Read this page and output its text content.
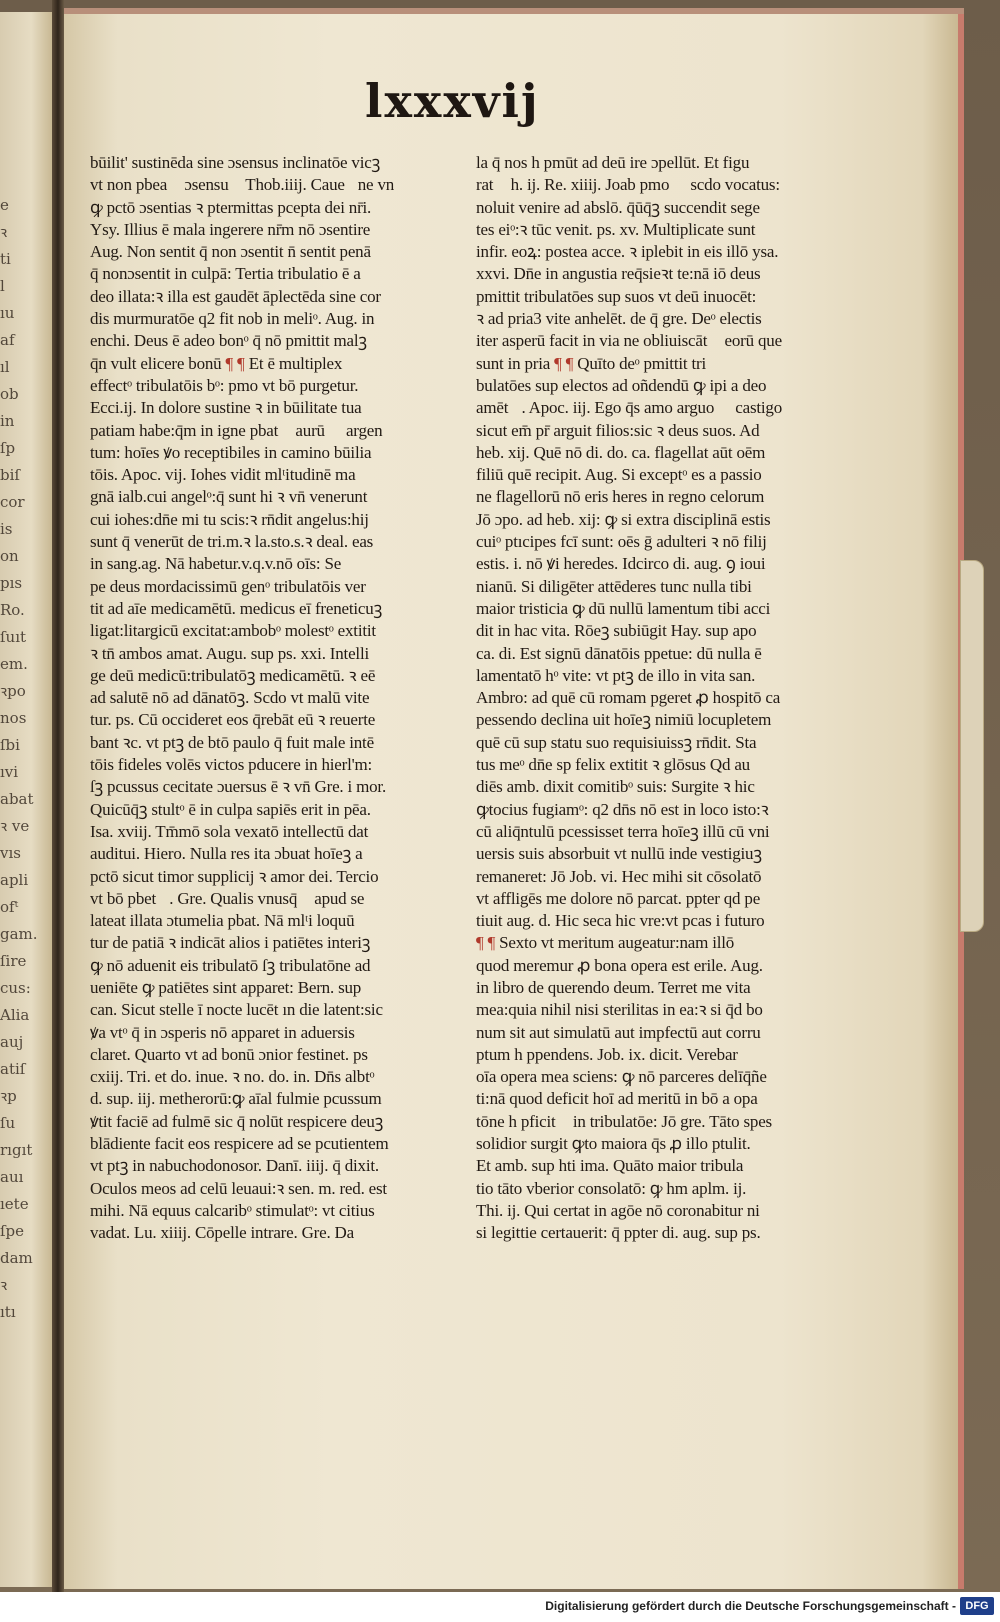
e
ꝛ
ti
l
ıu
af
ıl
ob
in
ſp
biſ
cor
is
on
pıs
Ro.
ſuıt
em.
ꝛpo
nos
ſbi
ıvi
abat
ꝛ ve
vıs
apli
ofᵗ
gam.
ſire
cus:
Alia
auj
atiſ
ꝛp
ſu
rıgıt
auı
ıete
ſpe
dam
ꝛ
ıtı
lxxxvij
būilit' sustinēda sine ɔsensus inclinatōe vicꝫ
vt non pbeaᷓ ɔsensuꝫ Thob.iiij. Caueꝭne vn
ꝙ pctō ɔsentias ꝛ ptermittas pcepta dei nr̄i.
Ysy. Illius ē mala ingerere nr̄m nō ɔsentire
Aug. Non sentit q̄ non ɔsentit n̄ sentit penā
q̄ nonɔsentit in culpā: Tertia tribulatio ē a
deo illata:ꝛ illa est gaudēt āplectēda sine cor
dis murmuratōe q2 fit nob in meliᵒ. Aug. in
enchi. Deus ē adeo bonᵒ q̄ nō pmittit malꝫ
q̄n vult elicere bonū ¶ ¶ Et ē multiplex
effectᵒ tribulatōis bᵒ: pmo vt bō purgetur.
Ecci.ij. In dolore sustine ꝛ in būilitate tua
patiam habe:q̄m in igne pbatᷓ aurū ꝛ argen
tum: hoīes ꝟo receptibiles in camino būilia
tōis. Apoc. vij. Iohes vidit mlᵗitudinē ma
gnā ialb.cui angelᵒ:q̄ sunt hi ꝛ vn̄ venerunt
cui iohes:dn̄e mi tu scis:ꝛ rn̄dit angelus:hij
sunt q̄ venerūt de tri.m.ꝛ la.sto.s.ꝛ deal. eas
in sang.ag. Nā habetur.v.q.v.nō oīs: Se
pe deus mordacissimū genᵒ tribulatōis ver
tit ad aīe medicamētū. medicus eī freneticuꝫ
ligat:litargicū excitat:ambobᵒ molestᵒ extitit
ꝛ tn̄ ambos amat. Augu. sup ps. xxi. Intelli
ge deū medicū:tribulatōꝫ medicamētū. ꝛ eē
ad salutē nō ad dānatōꝫ. Scdo vt malū vite
tur. ps. Cū occideret eos q̄rebāt eū ꝛ reuerte
bant ꝛc. vt ptꝫ de btō paulo q̄ fuit male intē
tōis fideles volēs victos pducere in hierl'm:
ſꝫ pcussus cecitate ɔuersus ē ꝛ vn̄ Gre. i mor.
Quicūq̄ꝫ stultᵒ ē in culpa sapiēs erit in pēa.
Isa. xviij. Tm̄mō sola vexatō intellectū dat
auditui. Hiero. Nulla res ita ɔbuat hoīeꝫ a
pctō sicut timor supplicij ꝛ amor dei. Tercio
vt bō pbetᷓ. Gre. Qualis vnusq̄ꝫ apud se
lateat illata ɔtumelia pbat. Nā mlᵗi loquū
tur de patiā ꝛ indicāt alios i patiētes interiꝫ
ꝙ nō aduenit eis tribulatō ſꝫ tribulatōne ad
ueniēte ꝙ patiētes sint apparet: Bern. sup
can. Sicut stelle ī nocte lucēt ın die latent:sic
ꝟa vtᵒ q̄ in ɔsperis nō apparet in aduersis
claret. Quarto vt ad bonū ɔnior festinet. ps
cxiij. Tri. et do. inue. ꝛ no. do. in. Dn̄s albtᵒ
d. sup. iij. metherorū:ꝙ aīal fulmie pcussum
ꝟtit faciē ad fulmē sic q̄ nolūt respicere deuꝫ
blādiente facit eos respicere ad se pcutientem
vt ptꝫ in nabuchodonosor. Danī. iiij. q̄ dixit.
Oculos meos ad celū leuaui:ꝛ sen. m. red. est
mihi. Nā equus calcaribᵒ stimulatᵒ: vt citius
vadat. Lu. xiiij. Cōpelle intrare. Gre. Da
la q̄ nos h pmūt ad deū ire ɔpellūt. Et figu
ratᷓ h. ij. Re. xiiij. Joab pmo ꝛ scdo vocatus:
noluit venire ad abslō. q̄ūq̄ꝫ succendit sege
tes eiᵒ:ꝛ tūc venit. ps. xv. Multiplicate sunt
infir. eoꝝ: postea acce. ꝛ iplebit in eis illō ysa.
xxvi. Dn̄e in angustia req̄sieꝛt te:nā iō deus
pmittit tribulatōes sup suos vt deū inuocēt:
ꝛ ad pria3 vite anhelēt. de q̄ gre. Deᵒ electis
iter asperū facit in via ne obliuiscātᷓ eorū que
sunt in pria ¶ ¶ Quīto deᵒ pmittit tri
bulatōes sup electos ad oñdendū ꝙ ipi a deo
amētᷓ. Apoc. iij. Ego q̄s amo arguo ꝛ castigo
sicut em̄ pr̄ arguit filios:sic ꝛ deus suos. Ad
heb. xij. Quē nō di. do. ca. flagellat aūt oēm
filiū quē recipit. Aug. Si exceptᵒ es a passio
ne flagellorū nō eris heres in regno celorum
Jō ɔpo. ad heb. xij: ꝙ si extra disciplinā estis
cuiᵒ ptıcipes fcī sunt: oēs ḡ adulteri ꝛ nō filij
estis. i. nō ꝟi heredes. Idcirco di. aug. ꝯ ioui
nianū. Si diligēter attēderes tunc nulla tibi
maior tristicia ꝙ dū nullū lamentum tibi acci
dit in hac vita. Rōeꝫ subiūgit Hay. sup apo
ca. di. Est signū dānatōis ppetue: dū nulla ē
lamentatō hᵒ vite: vt ptꝫ de illo in vita san.
Ambro: ad quē cū romam pgeret ꝓ hospitō ca
pessendo declina uit hoīeꝫ nimiū locupletem
quē cū sup statu suo requisiuissꝫ rn̄dit. Sta
tus meᵒ dn̄e sp felix extitit ꝛ glōsus Qd au
diēs amb. dixit comitibᵒ suis: Surgite ꝛ hic
ꝙtocius fugiamᵒ: q2 dn̄s nō est in loco isto:ꝛ
cū aliq̄ntulū pcessisset terra hoīeꝫ illū cū vni
uersis suis absorbuit vt nullū inde vestigiuꝫ
remaneret: Jō Job. vi. Hec mihi sit cōsolatō
vt affligēs me dolore nō parcat. ppter qd pe
tiuit aug. d. Hic seca hic vre:vt pcas i futuro
¶ ¶ Sexto vt meritum augeatur:nam illō
quod meremur ꝓ bona opera est erile. Aug.
in libro de querendo deum. Terret me vita
mea:quia nihil nisi sterilitas in ea:ꝛ si q̄d bo
num sit aut simulatū aut impfectū aut corru
ptum h ppendens. Job. ix. dicit. Verebar
oīa opera mea sciens: ꝙ nō parceres delīq̄ñe
ti:nā quod deficit hoī ad meritū in bō a opa
tōne h pficitᷓ in tribulatōe: Jō gre. Tāto spes
solidior surgit ꝙto maiora q̄s ꝓ illo ptulit.
Et amb. sup hti ima. Quāto maior tribula
tio tāto vberior consolatō: ꝙ hm aplm. ij.
Thi. ij. Qui certat in agōe nō coronabitur ni
si legittie certauerit: q̄ ppter di. aug. sup ps.
Digitalisierung gefördert durch die Deutsche Forschungsgemeinschaft - DFG
